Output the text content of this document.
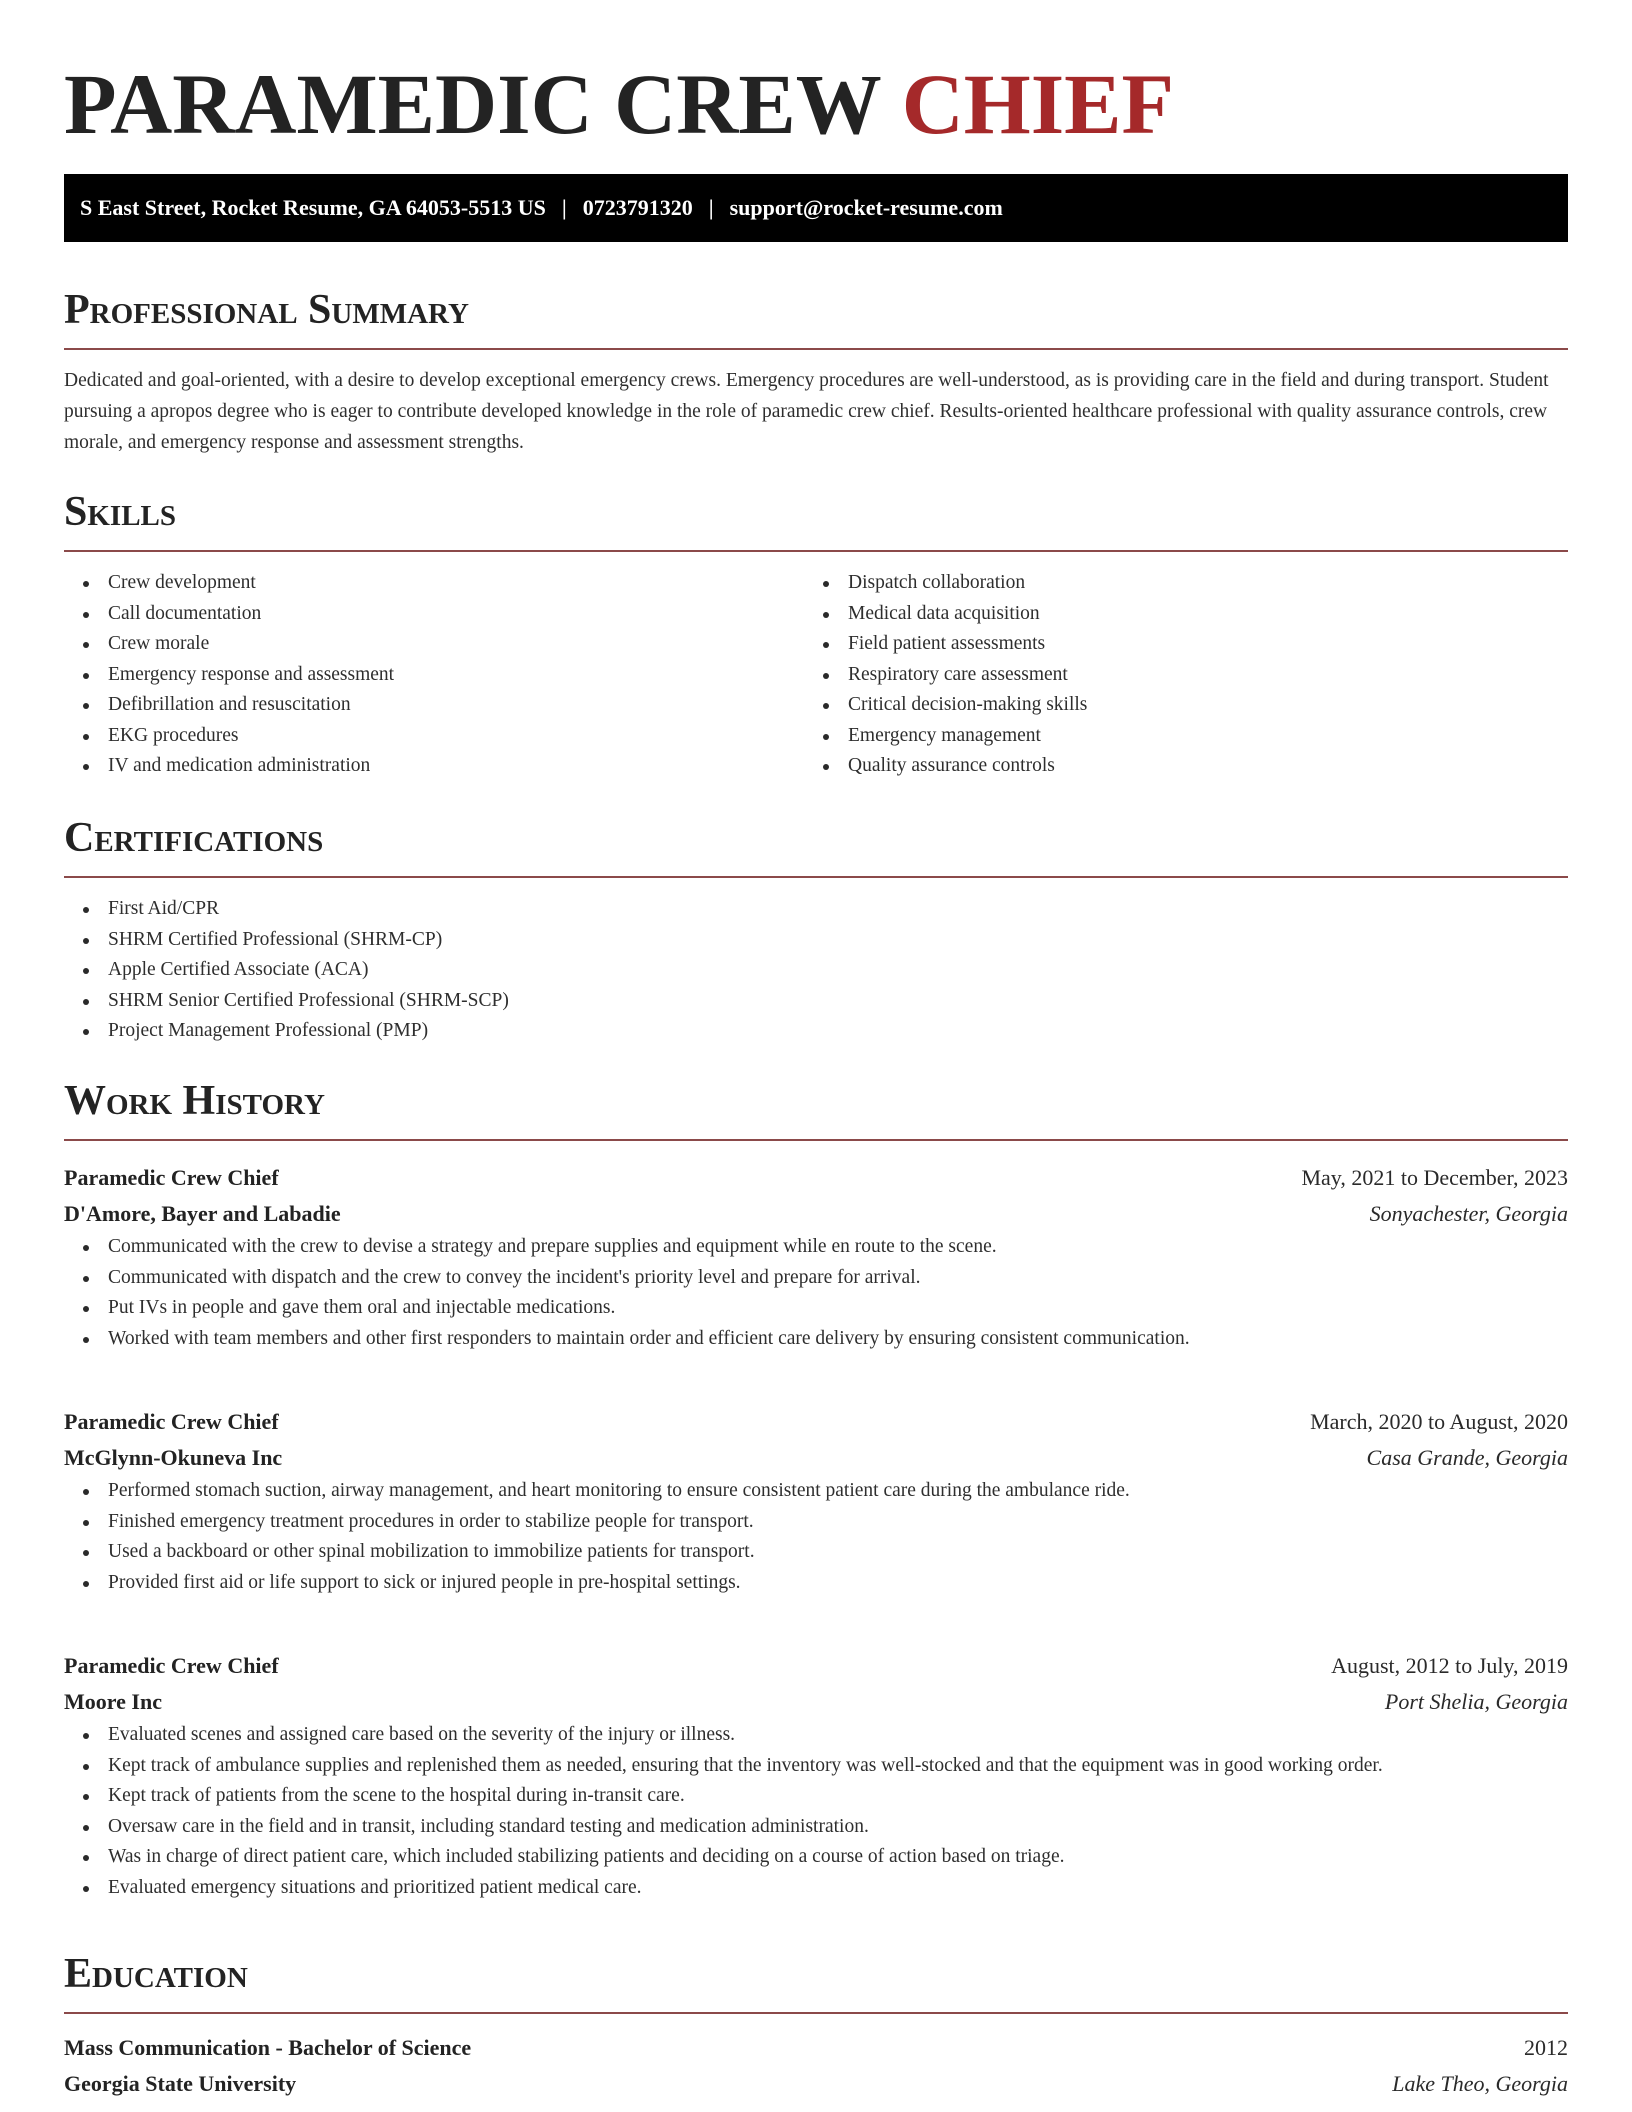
PARAMEDIC CREW CHIEF
S East Street, Rocket Resume, GA 64053-5513 US | 0723791320 | support@rocket-resume.com
Professional Summary

Dedicated and goal-oriented, with a desire to develop exceptional emergency crews. Emergency procedures are well-understood, as is providing care in the field and during transport. Student pursuing a apropos degree who is eager to contribute developed knowledge in the role of paramedic crew chief. Results-oriented healthcare professional with quality assurance controls, crew morale, and emergency response and assessment strengths.

Skills
Crew development
Call documentation
Crew morale
Emergency response and assessment
Defibrillation and resuscitation
EKG procedures
IV and medication administration
Dispatch collaboration
Medical data acquisition
Field patient assessments
Respiratory care assessment
Critical decision-making skills
Emergency management
Quality assurance controls
Certifications
First Aid/CPR
SHRM Certified Professional (SHRM-CP)
Apple Certified Associate (ACA)
SHRM Senior Certified Professional (SHRM-SCP)
Project Management Professional (PMP)
Work History
Paramedic Crew Chief	May, 2021 to December, 2023
D'Amore, Bayer and Labadie	Sonyachester, Georgia
Communicated with the crew to devise a strategy and prepare supplies and equipment while en route to the scene.
Communicated with dispatch and the crew to convey the incident's priority level and prepare for arrival.
Put IVs in people and gave them oral and injectable medications.
Worked with team members and other first responders to maintain order and efficient care delivery by ensuring consistent communication.
Paramedic Crew Chief	March, 2020 to August, 2020
McGlynn-Okuneva Inc	Casa Grande, Georgia
Performed stomach suction, airway management, and heart monitoring to ensure consistent patient care during the ambulance ride.
Finished emergency treatment procedures in order to stabilize people for transport.
Used a backboard or other spinal mobilization to immobilize patients for transport.
Provided first aid or life support to sick or injured people in pre-hospital settings.
Paramedic Crew Chief	August, 2012 to July, 2019
Moore Inc	Port Shelia, Georgia
Evaluated scenes and assigned care based on the severity of the injury or illness.
Kept track of ambulance supplies and replenished them as needed, ensuring that the inventory was well-stocked and that the equipment was in good working order.
Kept track of patients from the scene to the hospital during in-transit care.
Oversaw care in the field and in transit, including standard testing and medication administration.
Was in charge of direct patient care, which included stabilizing patients and deciding on a course of action based on triage.
Evaluated emergency situations and prioritized patient medical care.
Education
Mass Communication - Bachelor of Science	2012
Georgia State University	Lake Theo, Georgia
